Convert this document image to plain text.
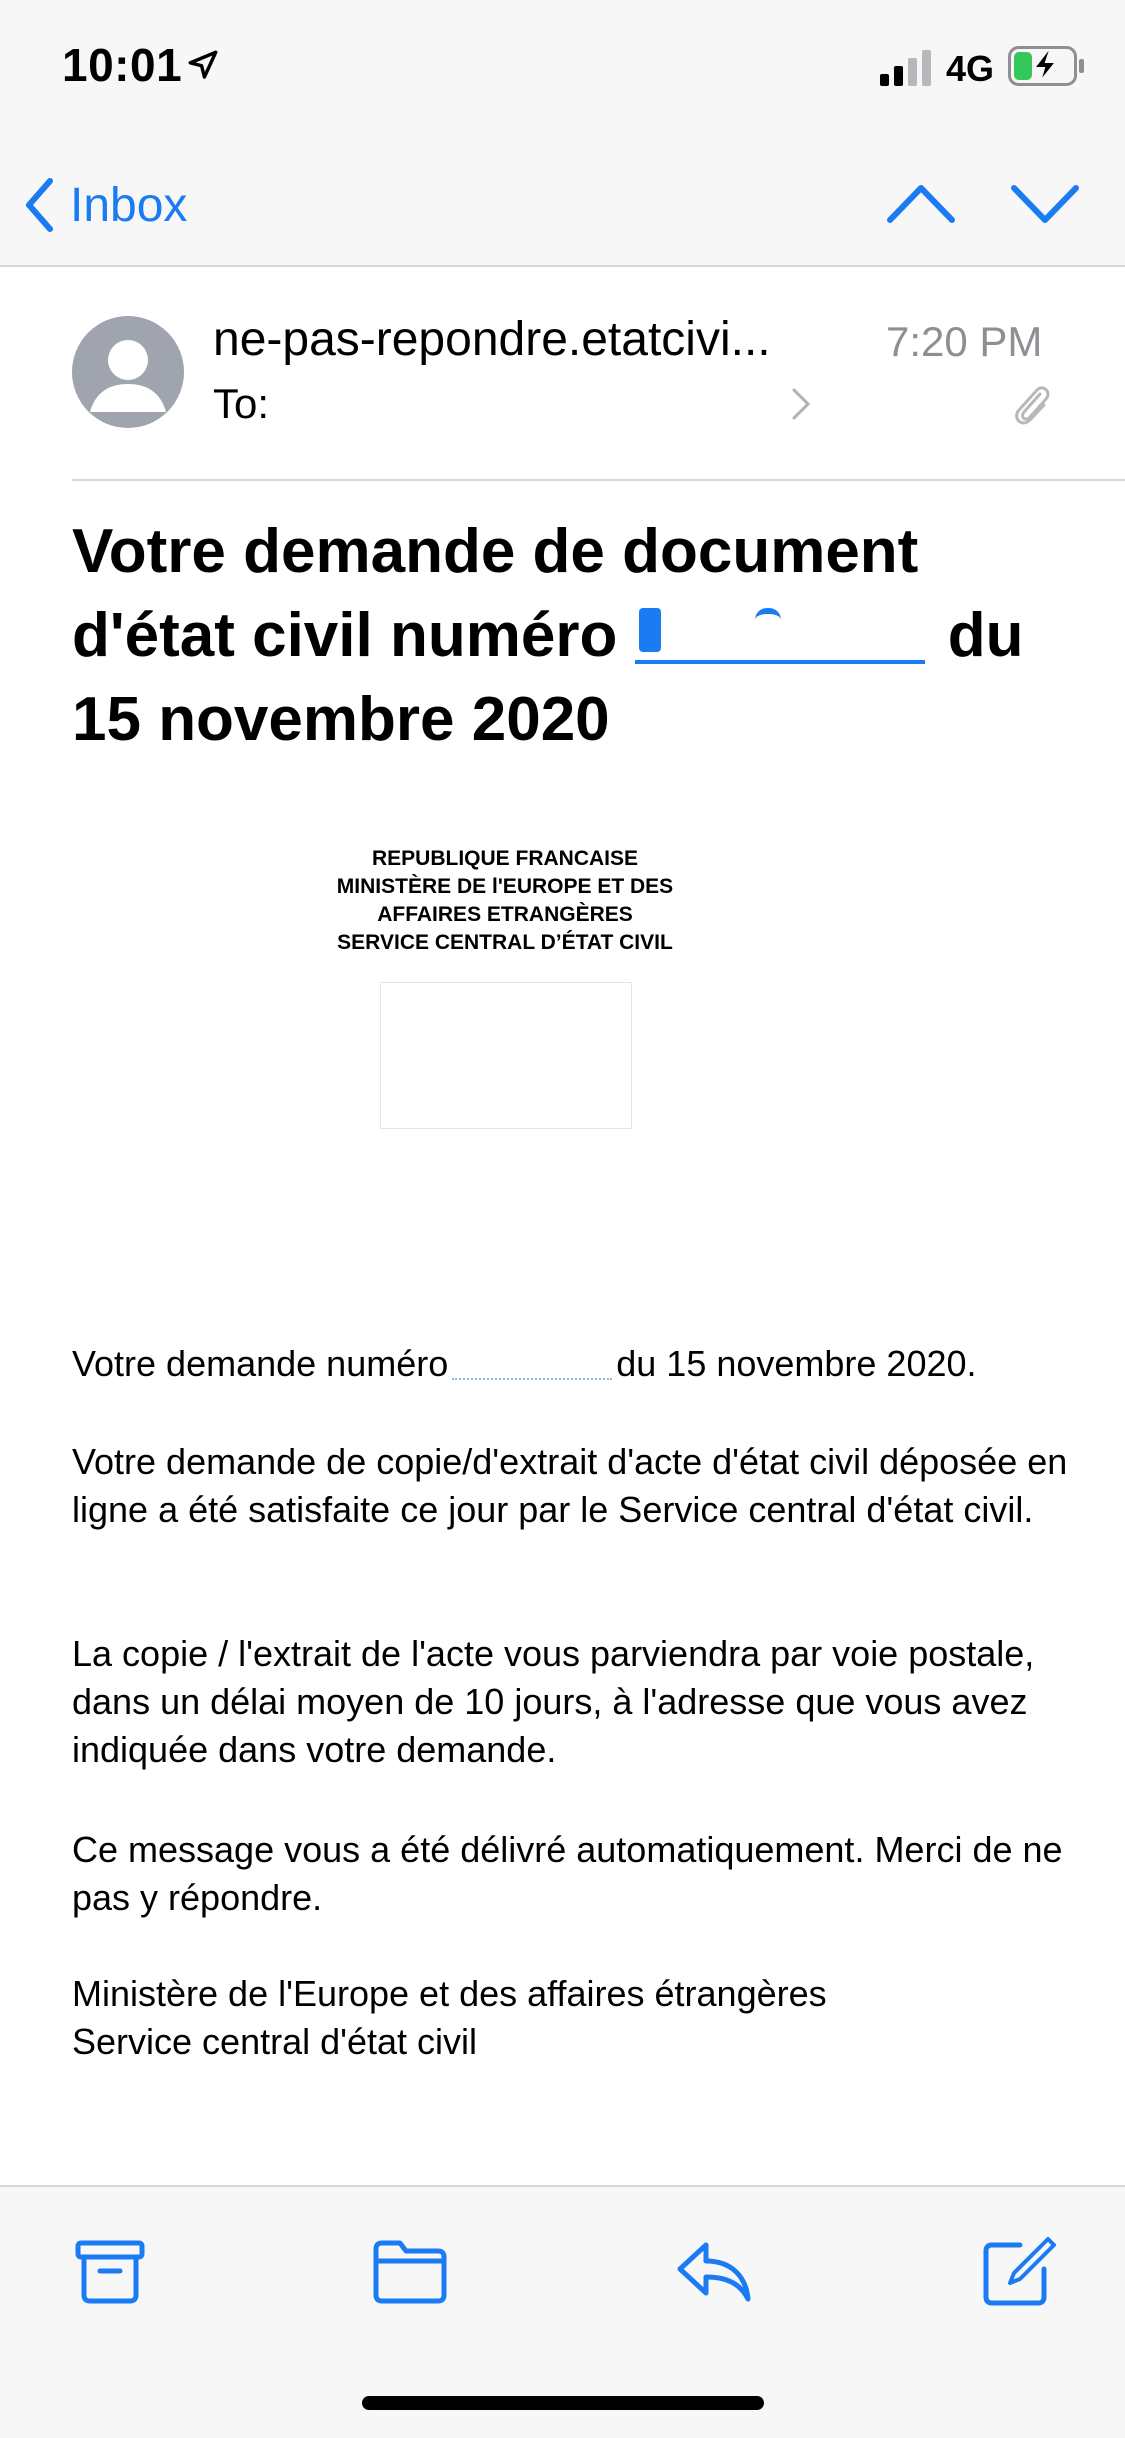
10:01	4G
Inbox
ne-pas-repondre.etatcivi...	7:20 PM
To:
Votre demande de document d'état civil numéro	du 15 novembre 2020
REPUBLIQUE FRANCAISE
MINISTÈRE DE l'EUROPE ET DES
AFFAIRES ETRANGÈRES
SERVICE CENTRAL D’ÉTAT CIVIL
Votre demande numéro	du 15 novembre 2020.
Votre demande de copie/d'extrait d'acte d'état civil déposée en ligne a été satisfaite ce jour par le Service central d'état civil.
La copie / l'extrait de l'acte vous parviendra par voie postale, dans un délai moyen de 10 jours, à l'adresse que vous avez indiquée dans votre demande.
Ce message vous a été délivré automatiquement. Merci de ne pas y répondre.
Ministère de l'Europe et des affaires étrangères
Service central d'état civil
